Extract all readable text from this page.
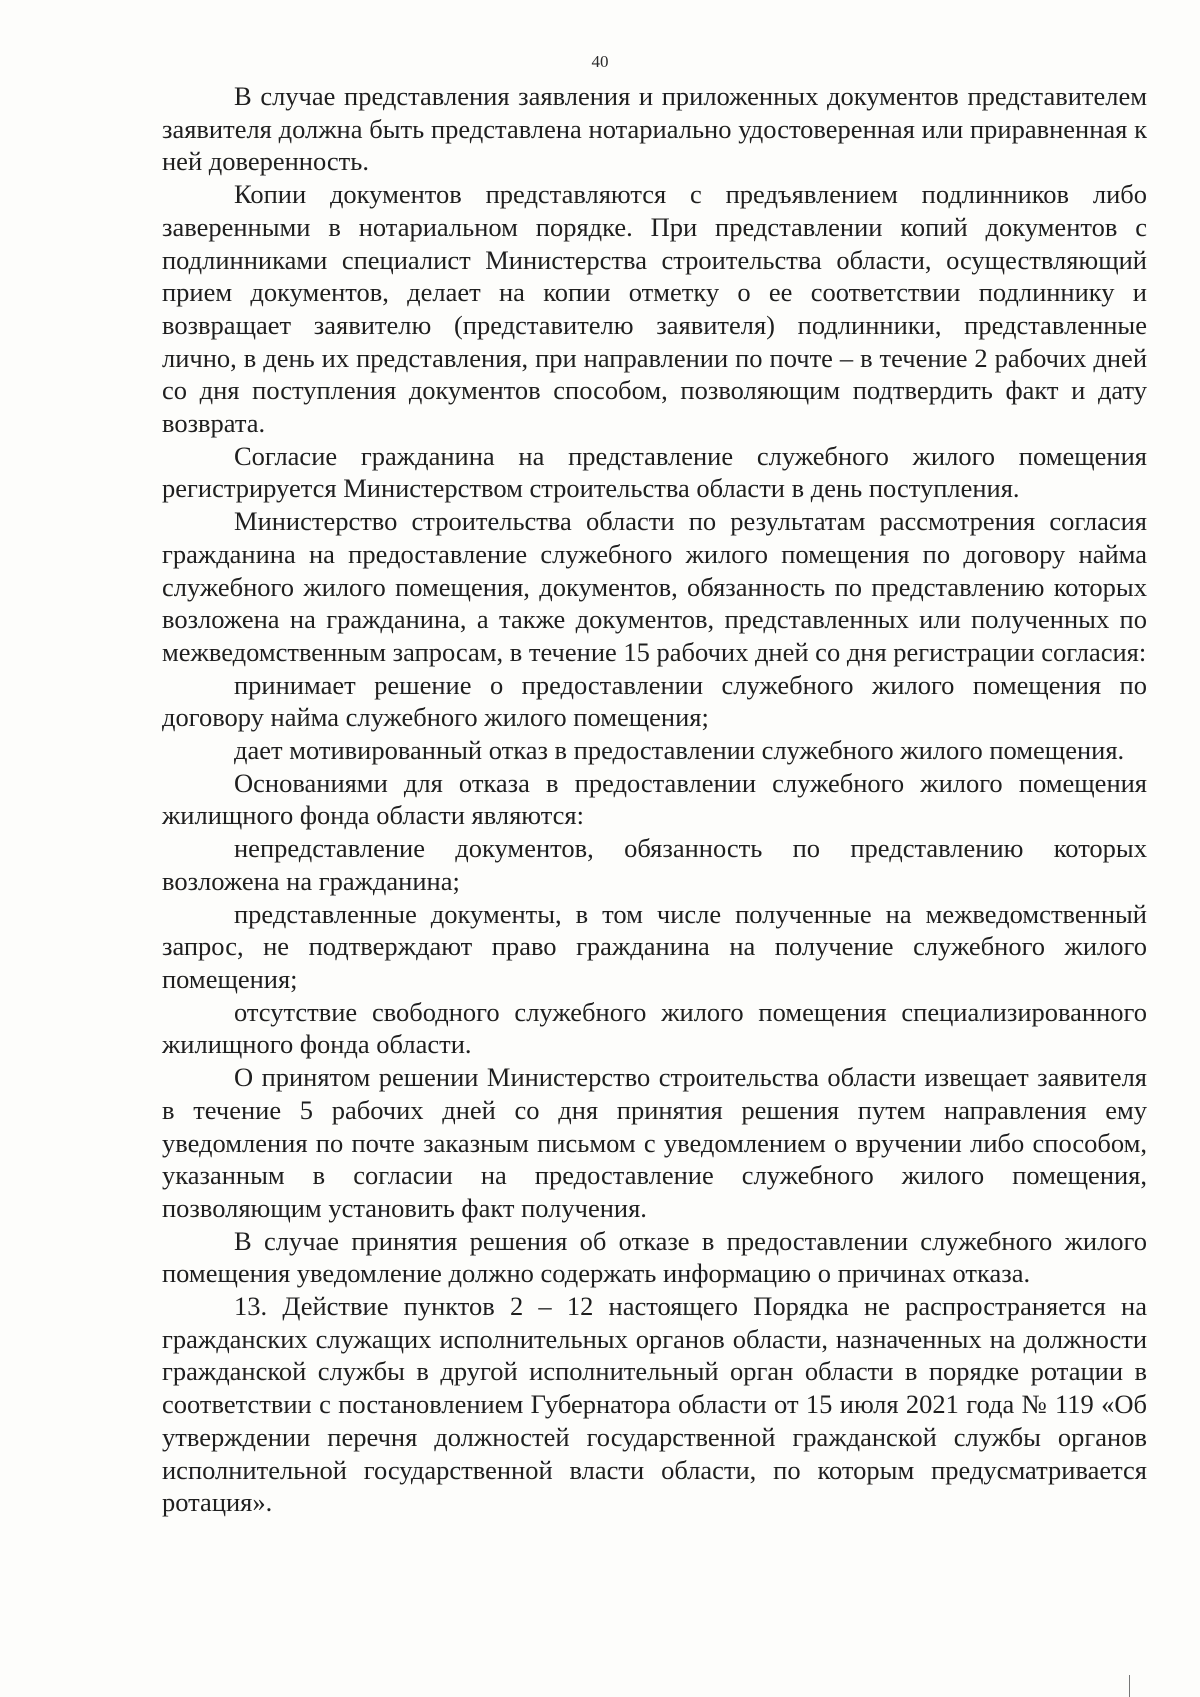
40

В случае представления заявления и приложенных документов представителем заявителя должна быть представлена нотариально удостоверенная или приравненная к ней доверенность.

Копии документов представляются с предъявлением подлинников либо заверенными в нотариальном порядке. При представлении копий документов с подлинниками специалист Министерства строительства области, осуществляющий прием документов, делает на копии отметку о ее соответствии подлиннику и возвращает заявителю (представителю заявителя) подлинники, представленные лично, в день их представления, при направлении по почте – в течение 2 рабочих дней со дня поступления документов способом, позволяющим подтвердить факт и дату возврата.

Согласие гражданина на представление служебного жилого помещения регистрируется Министерством строительства области в день поступления.

Министерство строительства области по результатам рассмотрения согласия гражданина на предоставление служебного жилого помещения по договору найма служебного жилого помещения, документов, обязанность по представлению которых возложена на гражданина, а также документов, представленных или полученных по межведомственным запросам, в течение 15 рабочих дней со дня регистрации согласия:

принимает решение о предоставлении служебного жилого помещения по договору найма служебного жилого помещения;

дает мотивированный отказ в предоставлении служебного жилого помещения.

Основаниями для отказа в предоставлении служебного жилого помещения жилищного фонда области являются:

непредставление документов, обязанность по представлению которых возложена на гражданина;

представленные документы, в том числе полученные на межведомственный запрос, не подтверждают право гражданина на получение служебного жилого помещения;

отсутствие свободного служебного жилого помещения специализированного жилищного фонда области.

О принятом решении Министерство строительства области извещает заявителя в течение 5 рабочих дней со дня принятия решения путем направления ему уведомления по почте заказным письмом с уведомлением о вручении либо способом, указанным в согласии на предоставление служебного жилого помещения, позволяющим установить факт получения.

В случае принятия решения об отказе в предоставлении служебного жилого помещения уведомление должно содержать информацию о причинах отказа.

13. Действие пунктов 2 – 12 настоящего Порядка не распространяется на гражданских служащих исполнительных органов области, назначенных на должности гражданской службы в другой исполнительный орган области в порядке ротации в соответствии с постановлением Губернатора области от 15 июля 2021 года № 119 «Об утверждении перечня должностей государственной гражданской службы органов исполнительной государственной власти области, по которым предусматривается ротация».
